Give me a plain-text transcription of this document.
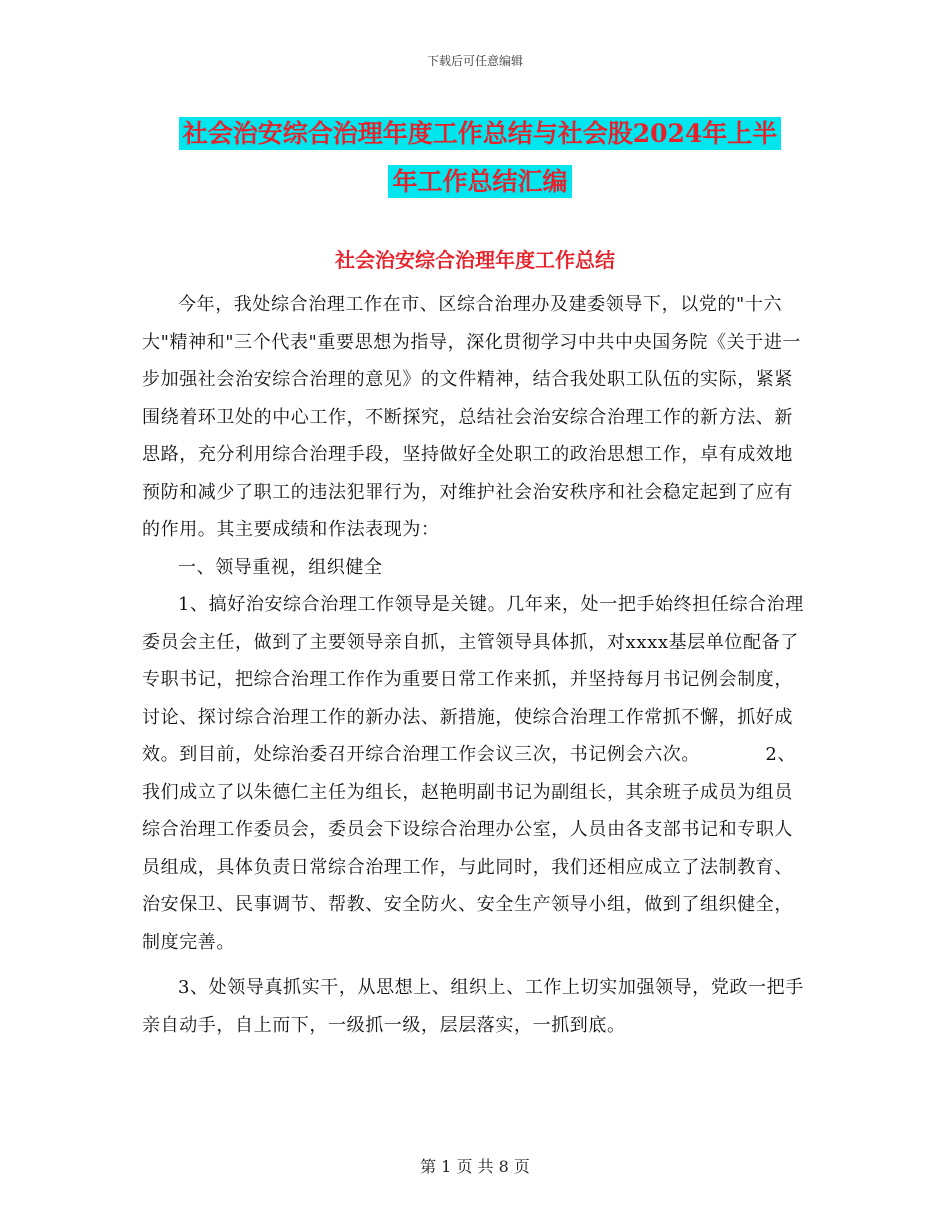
下载后可任意编辑
社会治安综合治理年度工作总结与社会股2024年上半
年工作总结汇编
社会治安综合治理年度工作总结

今年，我处综合治理工作在市、区综合治理办及建委领导下，以党的"十六大"精神和"三个代表"重要思想为指导，深化贯彻学习中共中央国务院《关于进一步加强社会治安综合治理的意见》的文件精神，结合我处职工队伍的实际，紧紧围绕着环卫处的中心工作，不断探究，总结社会治安综合治理工作的新方法、新思路，充分利用综合治理手段，坚持做好全处职工的政治思想工作，卓有成效地预防和减少了职工的违法犯罪行为，对维护社会治安秩序和社会稳定起到了应有的作用。其主要成绩和作法表现为：

一、领导重视，组织健全

1、搞好治安综合治理工作领导是关键。几年来，处一把手始终担任综合治理委员会主任，做到了主要领导亲自抓，主管领导具体抓，对xxxx基层单位配备了专职书记，把综合治理工作作为重要日常工作来抓，并坚持每月书记例会制度，讨论、探讨综合治理工作的新办法、新措施，使综合治理工作常抓不懈，抓好成效。到目前，处综治委召开综合治理工作会议三次，书记例会六次。　　　　2、我们成立了以朱德仁主任为组长，赵艳明副书记为副组长，其余班子成员为组员综合治理工作委员会，委员会下设综合治理办公室，人员由各支部书记和专职人员组成，具体负责日常综合治理工作，与此同时，我们还相应成立了法制教育、治安保卫、民事调节、帮教、安全防火、安全生产领导小组，做到了组织健全，制度完善。

3、处领导真抓实干，从思想上、组织上、工作上切实加强领导，党政一把手亲自动手，自上而下，一级抓一级，层层落实，一抓到底。

第 1 页 共 8 页
